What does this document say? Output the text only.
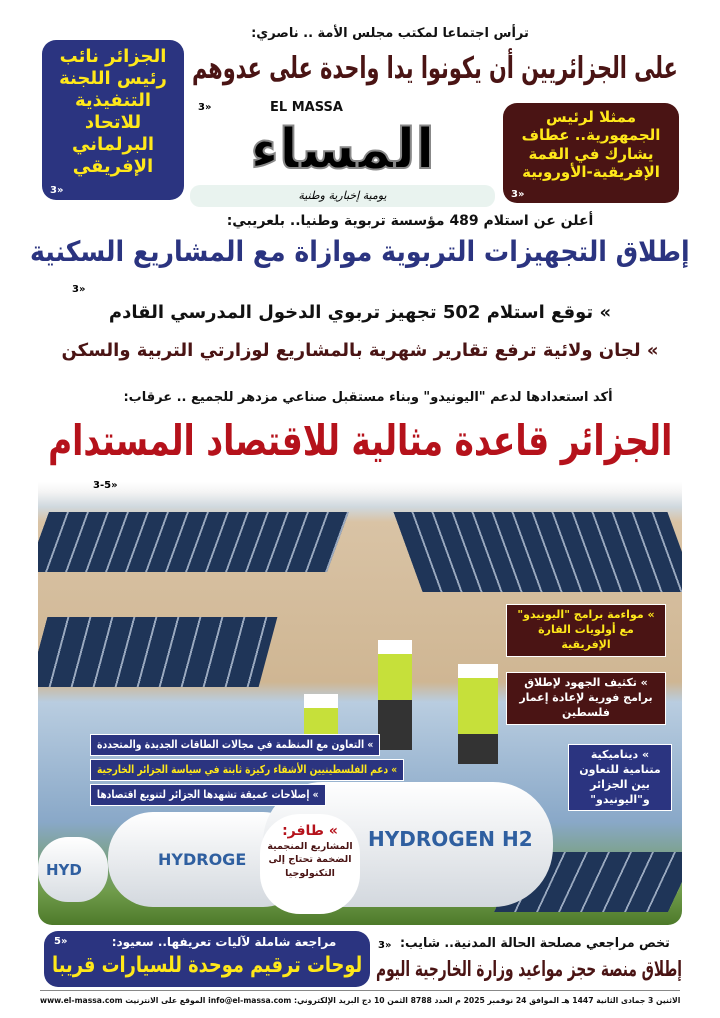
ترأس اجتماعا لمكتب مجلس الأمة .. ناصري:
على الجزائريين أن يكونوا يدا واحدة على عدوهم
الجزائر نائب رئيس اللجنة التنفيذية للاتحاد البرلماني الإفريقي
3»
EL MASSA
المساء
يومية إخبارية وطنية
3»
ممثلا لرئيس الجمهورية.. عطاف يشارك في القمة الإفريقية-الأوروبية
3»
أعلن عن استلام 489 مؤسسة تربوية وطنيا.. بلعريبي:
إطلاق التجهيزات التربوية موازاة مع المشاريع السكنية
3»
» توقع استلام 502 تجهيز تربوي الدخول المدرسي القادم
» لجان ولائية ترفع تقارير شهرية بالمشاريع لوزارتي التربية والسكن
أكد استعدادها لدعم "اليونيدو" وبناء مستقبل صناعي مزدهر للجميع .. عرقاب:
الجزائر قاعدة مثالية للاقتصاد المستدام
3-5»
HYD
HYDROGE
HYDROGEN H2
» طافر:
المشاريع المنجمية الضخمة تحتاج إلى التكنولوجيا
» التعاون مع المنظمة في مجالات الطاقات الجديدة والمتجددة
» دعم الفلسطينيين الأشقاء ركيزة ثابتة في سياسة الجزائر الخارجية
» إصلاحات عميقة تشهدها الجزائر لتنويع اقتصادها
» مواءمة برامج "اليونيدو" مع أولويات القارة الإفريقية
» تكثيف الجهود لإطلاق برامج فورية لإعادة إعمار فلسطين
» ديناميكية متنامية للتعاون بين الجزائر و"اليونيدو"
5»	مراجعة شاملة لآليات تعريفها.. سعيود:
لوحات ترقيم موحدة للسيارات قريبا
3» تخص مراجعي مصلحة الحالة المدنية.. شايب:
إطلاق منصة حجز مواعيد وزارة الخارجية اليوم
الاثنين 3 جمادى الثانية 1447 هـ الموافق 24 نوفمبر 2025 م العدد 8788 الثمن 10 دج البريد الإلكتروني: info@el-massa.com الموقع على الانترنيت www.el-massa.com
